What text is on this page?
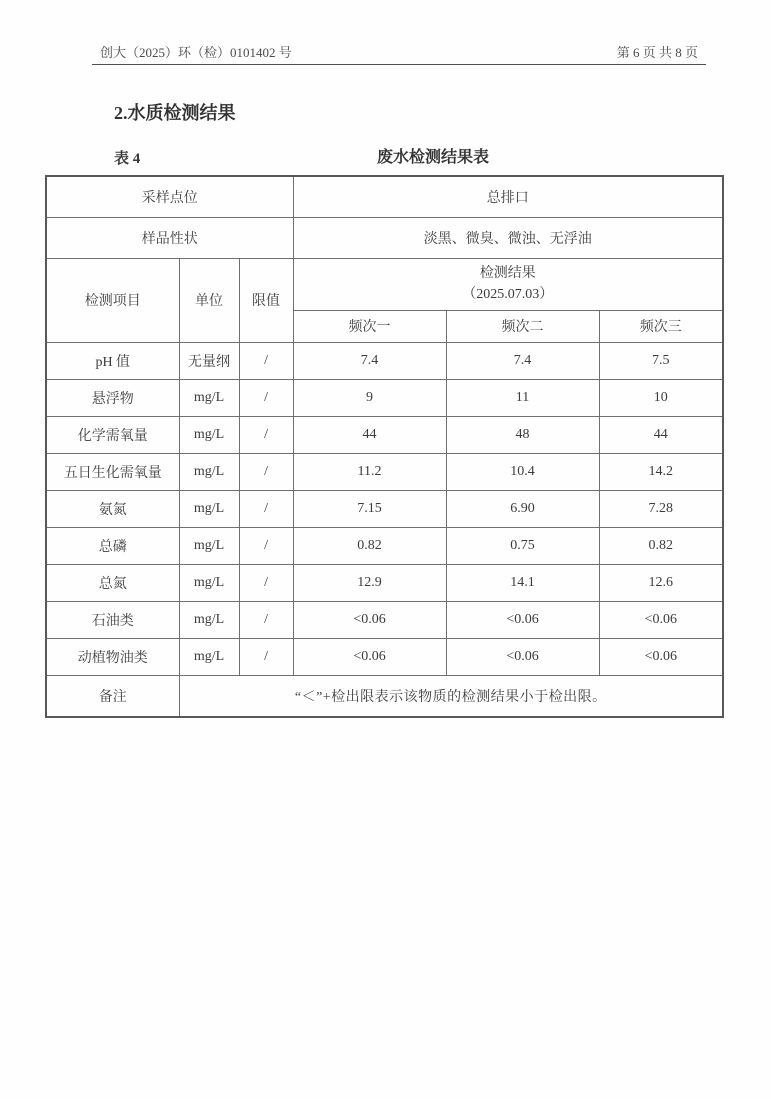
创大（2025）环（检）0101402 号	第 6 页 共 8 页
2.水质检测结果
表 4	废水检测结果表
采样点位			总排口		
样品性状			淡黑、微臭、微浊、无浮油		
检测项目	单位	限值	检测结果
（2025.07.03）		

			频次一	频次二	频次三
pH 值	无量纲	/	7.4	7.4	7.5
悬浮物	mg/L	/	9	11	10
化学需氧量	mg/L	/	44	48	44
五日生化需氧量	mg/L	/	11.2	10.4	14.2
氨氮	mg/L	/	7.15	6.90	7.28
总磷	mg/L	/	0.82	0.75	0.82
总氮	mg/L	/	12.9	14.1	12.6
石油类	mg/L	/	<0.06	<0.06	<0.06
动植物油类	mg/L	/	<0.06	<0.06	<0.06
备注	“＜”+检出限表示该物质的检测结果小于检出限。				
